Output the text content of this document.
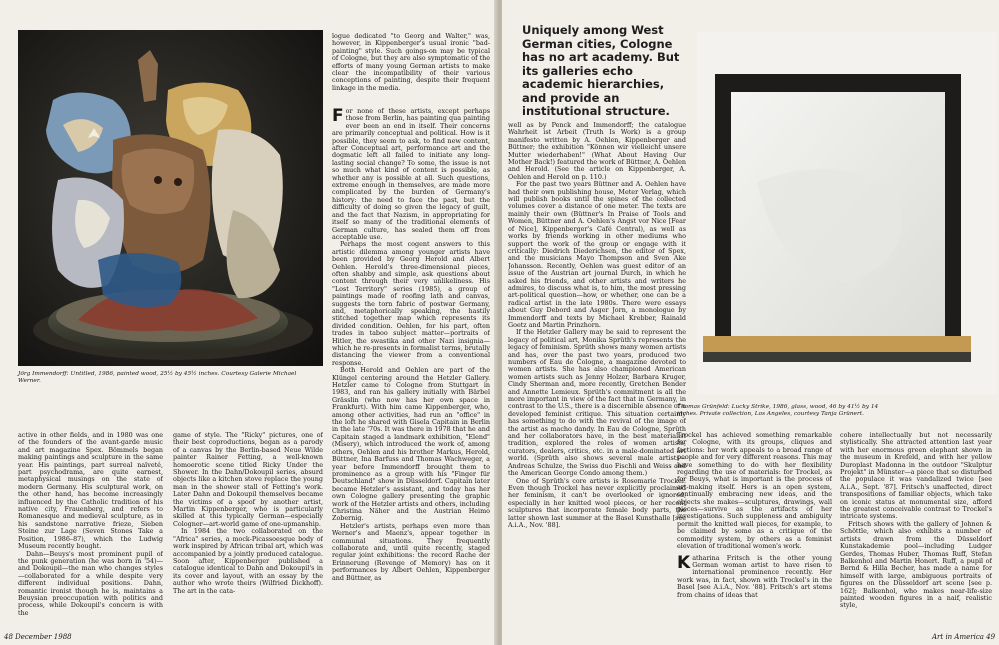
Jörg Immendorff: Untitled, 1986, painted wood, 25½ by 45½ inches. Courtesy Galerie Michael Werner.

logue dedicated "to Georg and Walter," was, however, in Kippenberger's usual ironic "bad-painting" style. Such goings-on may be typical of Cologne, but they are also symptomatic of the efforts of many young German artists to make clear the incompatibility of their various conceptions of painting, despite their frequent linkage in the media.

For none of these artists, except perhaps those from Berlin, has painting qua painting ever been an end in itself. Their concerns are primarily conceptual and political. How is it possible, they seem to ask, to find new content, after Conceptual art, performance art and the dogmatic left all failed to initiate any long-lasting social change? To some, the issue is not so much what kind of content is possible, as whether any is possible at all. Such questions, extreme enough in themselves, are made more complicated by the burden of Germany's history: the need to face the past, but the difficulty of doing so given the legacy of guilt, and the fact that Nazism, in appropriating for itself so many of the traditional elements of German culture, has sealed them off from acceptable use.

Perhaps the most cogent answers to this artistic dilemma among younger artists have been provided by Georg Herold and Albert Oehlen. Herold's three-dimensional pieces, often shabby and simple, ask questions about content through their very unlikeliness. His "Lost Territory" series (1985), a group of paintings made of roofing lath and canvas, suggests the torn fabric of postwar Germany, and, metaphorically speaking, the hastily stitched together map which represents its divided condition. Oehlen, for his part, often trades in taboo subject matter—portraits of Hitler, the swastika and other Nazi insignia—which he re-presents in formalist terms, brutally distancing the viewer from a conventional response.

Both Herold and Oehlen are part of the Klüngel centering around the Hetzler Gallery. Hetzler came to Cologne from Stuttgart in 1983, and ran his gallery initially with Bärbel Grässlin (who now has her own space in Frankfurt). With him came Kippenberger, who, among other activities, had run an "office" in the loft he shared with Gisela Capitain in Berlin in the late '70s. It was there in 1978 that he and Capitain staged a landmark exhibition, "Elend" (Misery), which introduced the work of, among others, Oehlen and his brother Markus, Herold, Büttner, Ina Barfuss and Thomas Wachweger, a year before Immendorff brought them to prominence as a group with his "Finger für Deutschland" show in Düsseldorf. Capitain later became Hetzler's assistant, and today has her own Cologne gallery presenting the graphic work of the Hetzler artists and others, including Christina Näher and the Austrian Heimo Zobernig.

Hetzler's artists, perhaps even more than Werner's and Maenz's, appear together in communal situations. They frequently collaborate and, until quite recently, staged regular joint exhibitions: the record Rache der Erinnerung (Revenge of Memory) has on it performances by Albert Oehlen, Kippenberger and Büttner, as

active in other fields, and in 1980 was one of the founders of the avant-garde music and art magazine Spex. Bömmels began making paintings and sculpture in the same year. His paintings, part surreal naïveté, part psychodrama, are quite earnest, metaphysical musings on the state of modern Germany. His sculptural work, on the other hand, has become increasingly influenced by the Catholic tradition of his native city, Frauenberg, and refers to Romanesque and medieval sculpture, as in his sandstone narrative frieze, Sieben Steine zur Lage (Seven Stones Take a Position, 1986–87), which the Ludwig Museum recently bought.

Dahn—Beuys's most prominent pupil of the punk generation (he was born in '54)—and Dokoupil—the man who changes styles—collaborated for a while despite very different individual positions. Dahn, romantic ironist though he is, maintains a Beuysian preoccupation with politics and process, while Dokoupil's concern is with the

game of style. The "Ricky" pictures, one of their best coproductions, began as a parody of a canvas by the Berlin-based Neue Wilde painter Rainer Fetting, a well-known homoerotic scene titled Ricky Under the Shower. In the Dahn/Dokoupil series, absurd objects like a kitchen stove replace the young man in the shower stall of Fetting's work. Later Dahn and Dokoupil themselves became the victims of a spoof by another artist, Martin Kippenberger, who is particularly skilled at this typically German—especially Cologner—art-world game of one-upmanship.

In 1984 the two collaborated on the "Africa" series, a mock-Picassoesque body of work inspired by African tribal art, which was accompanied by a jointly produced catalogue. Soon after, Kippenberger published a catalogue identical to Dahn and Dokoupil's in its cover and layout, with an essay by the author who wrote theirs (Wilfried Dickhoff). The art in the cata-

48 December 1988
Uniquely among West German cities, Cologne has no art academy. But its galleries echo academic hierarchies, and provide an institutional structure.

well as by Penck and Immendorff; the catalogue Wahrheit ist Arbeit (Truth Is Work) is a group manifesto written by A. Oehlen, Kippenberger and Büttner; the exhibition "Können wir vielleicht unsere Mutter wiederhaben!" (What About Having Our Mother Back!) featured the work of Büttner, A. Oehlen and Herold. (See the article on Kippenberger, A. Oehlen and Herold on p. 110.)

For the past two years Büttner and A. Oehlen have had their own publishing house, Meter Verlag, which will publish books until the spines of the collected volumes cover a distance of one meter. The texts are mainly their own (Büttner's In Praise of Tools and Women, Büttner and A. Oehlen's Angst vor Nice [Fear of Nice], Kippenberger's Café Central), as well as works by friends working in other mediums who support the work of the group or engage with it critically: Diedrich Diederichsen, the editor of Spex, and the musicians Mayo Thompson and Sven Ake Johansson. Recently, Oehlen was guest editor of an issue of the Austrian art journal Durch, in which he asked his friends, and other artists and writers he admires, to discuss what is, to him, the most pressing art-political question—how, or whether, one can be a radical artist in the late 1980s. There were essays about Guy Debord and Asger Jorn, a monologue by Immendorff and texts by Michael Krebber, Rainald Goetz and Martin Prinzhorn.

If the Hetzler Gallery may be said to represent the legacy of political art, Monika Sprüth's represents the legacy of feminism. Sprüth shows many women artists and has, over the past two years, produced two numbers of Eau de Cologne, a magazine devoted to women artists. She has also championed American women artists such as Jenny Holzer, Barbara Kruger, Cindy Sherman and, more recently, Gretchen Bender and Annette Lemieux. Sprüth's commitment is all the more important in view of the fact that in Germany, in contrast to the U.S., there is a discernible absence of a developed feminist critique. This situation certainly has something to do with the revival of the image of the artist as macho dandy. In Eau de Cologne, Sprüth and her collaborators have, in the best materialist tradition, explored the roles of women artists, curators, dealers, critics, etc. in a male-dominated art world. (Sprüth also shows several male artists—Andreas Schulze, the Swiss duo Fischli and Weiss and the American George Condo among them.)

One of Sprüth's core artists is Rosemarie Trockel. Even though Trockel has never explicitly proclaimed her feminism, it can't be overlooked or ignored, especially in her knitted wool pieces, or her recent sculptures that incorporate female body parts, the latter shown last summer at the Basel Kunsthalle [see A.i.A., Nov. '88].

Thomas Grünfeld: Lucky Strike, 1986, glass, wood, 46 by 41½ by 14 inches. Private collection, Los Angeles, courtesy Tanja Grünert.

Trockel has achieved something remarkable for Cologne, with its groups, cliques and factions: her work appeals to a broad range of people and for very different reasons. This may have something to do with her flexibility regarding the use of materials: for Trockel, as for Beuys, what is important is the process of art-making itself. Hers is an open system, continually embracing new ideas, and the objects she makes—sculptures, drawings, wall pieces—survive as the artifacts of her investigations. Such suppleness and ambiguity permit the knitted wall pieces, for example, to be claimed by some as a critique of the commodity system, by others as a feminist elevation of traditional women's work.

Katharina Fritsch is the other young German woman artist to have risen to international prominence recently. Her work was, in fact, shown with Trockel's in the Basel [see A.i.A., Nov. '88]. Fritsch's art stems from chains of ideas that

cohere intellectually but not necessarily stylistically. She attracted attention last year with her enormous green elephant shown in the museum in Krefeld, and with her yellow Duroplast Madonna in the outdoor "Skulptur Projekt" in Münster—a piece that so disturbed the populace it was vandalized twice [see A.i.A., Sept. '87]. Fritsch's unaffected, direct transpositions of familiar objects, which take on iconic status at monumental size, afford the greatest conceivable contrast to Trockel's intricate systems.

Fritsch shows with the gallery of Johnen & Schöttle, which also exhibits a number of artists drawn from the Düsseldorf Kunstakademie pool—including Ludger Gerdes, Thomas Huber, Thomas Ruff, Stefan Balkenhol and Martin Honert. Ruff, a pupil of Bernd & Hilla Becher, has made a name for himself with large, ambiguous portraits of figures on the Düsseldorf art scene [see p. 162]; Balkenhol, who makes near-life-size painted wooden figures in a naif, realistic style,

Art in America 49
